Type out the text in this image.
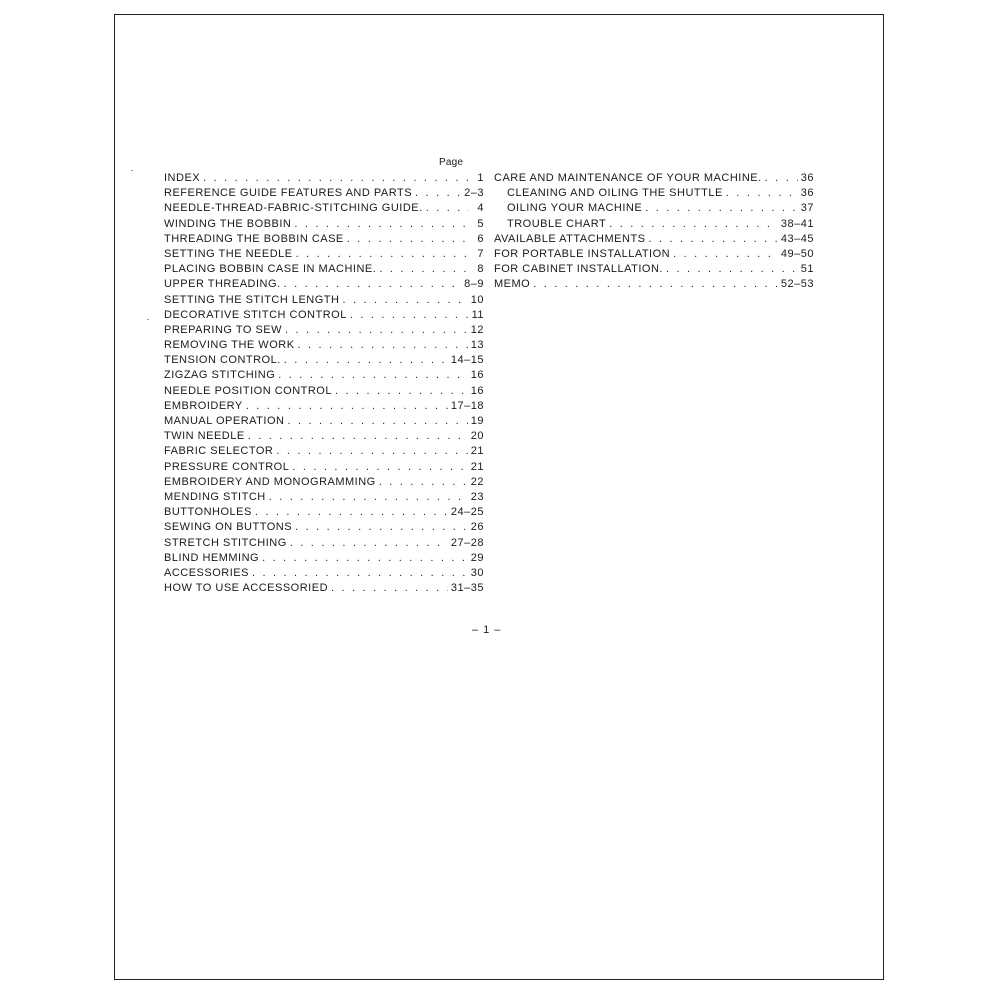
Page
INDEX . . .	1
REFERENCE GUIDE FEATURES AND PARTS . . .	2–3
NEEDLE-THREAD-FABRIC-STITCHING GUIDE. . . .	4
WINDING THE BOBBIN . . .	5
THREADING THE BOBBIN CASE . . .	6
SETTING THE NEEDLE . . .	7
PLACING BOBBIN CASE IN MACHINE. . . .	8
UPPER THREADING. . . .	8–9
SETTING THE STITCH LENGTH . . .	10
DECORATIVE STITCH CONTROL . . .	11
PREPARING TO SEW . . .	12
REMOVING THE WORK . . .	13
TENSION CONTROL. . . .	14–15
ZIGZAG STITCHING . . .	16
NEEDLE POSITION CONTROL . . .	16
EMBROIDERY . . .	17–18
MANUAL OPERATION . . .	19
TWIN NEEDLE . . .	20
FABRIC SELECTOR . . .	21
PRESSURE CONTROL . . .	21
EMBROIDERY AND MONOGRAMMING . . .	22
MENDING STITCH . . .	23
BUTTONHOLES . . .	24–25
SEWING ON BUTTONS . . .	26
STRETCH STITCHING . . .	27–28
BLIND HEMMING . . .	29
ACCESSORIES . . .	30
HOW TO USE ACCESSORIED . . .	31–35
CARE AND MAINTENANCE OF YOUR MACHINE. . . .	36
CLEANING AND OILING THE SHUTTLE . . .	36
OILING YOUR MACHINE . . .	37
TROUBLE CHART . . .	38–41
AVAILABLE ATTACHMENTS . . .	43–45
FOR PORTABLE INSTALLATION . . .	49–50
FOR CABINET INSTALLATION. . . .	51
MEMO . . .	52–53
– 1 –
